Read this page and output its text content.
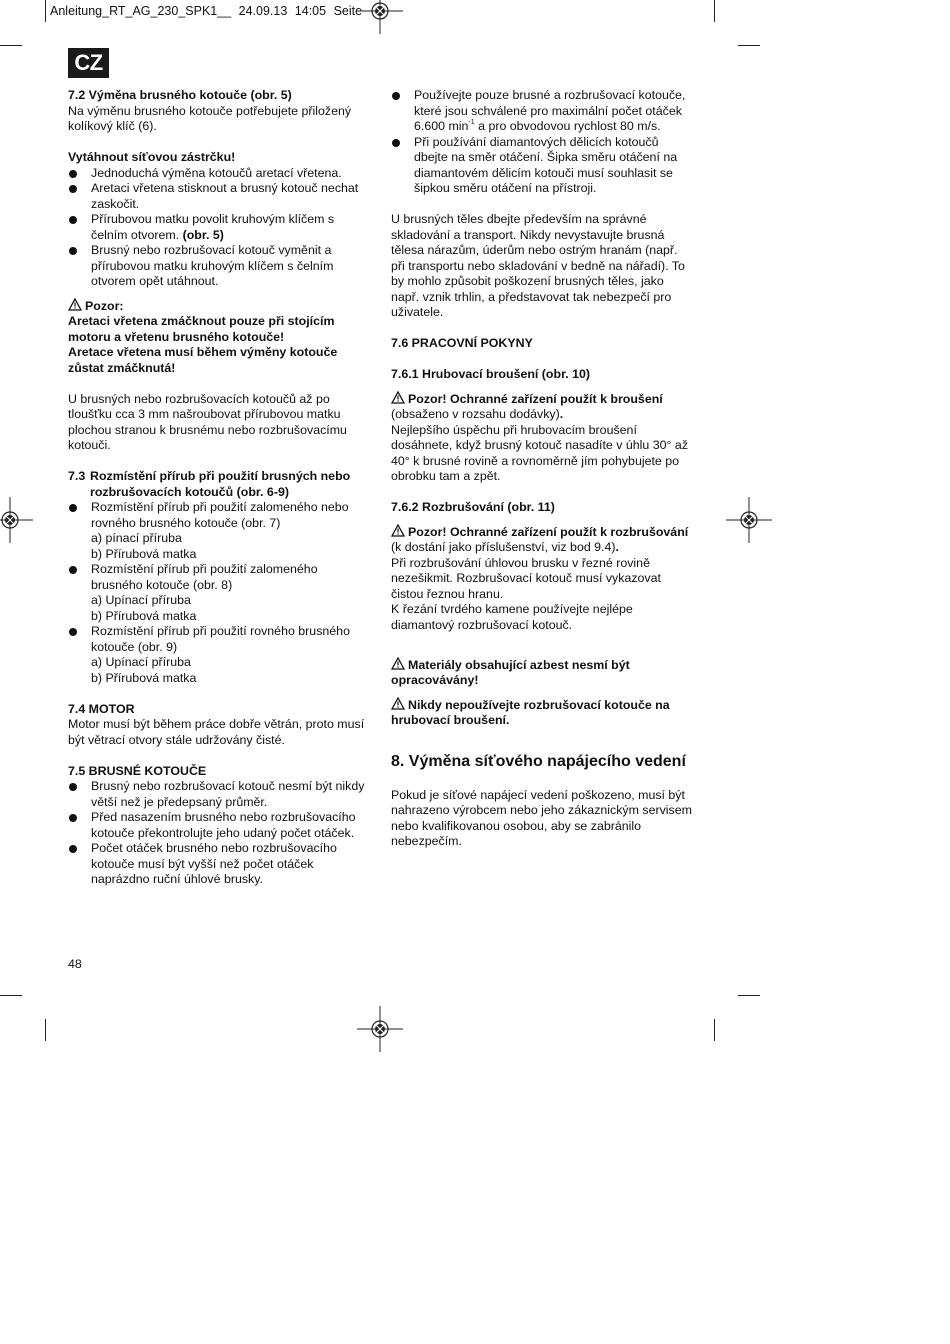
Anleitung_RT_AG_230_SPK1__ 24.09.13 14:05 Seite
CZ

7.2 Výměna brusného kotouče (obr. 5)

Na výměnu brusného kotouče potřebujete přiložený kolíkový klíč (6).

Vytáhnout síťovou zástrčku!

Jednoduchá výměna kotoučů aretací vřetena.

Aretaci vřetena stisknout a brusný kotouč nechat zaskočit.

Přírubovou matku povolit kruhovým klíčem s čelním otvorem. (obr. 5)

Brusný nebo rozbrušovací kotouč vyměnit a přírubovou matku kruhovým klíčem s čelním otvorem opět utáhnout.

Pozor:

Aretaci vřetena zmáčknout pouze při stojícím motoru a vřetenu brusného kotouče!

Aretace vřetena musí během výměny kotouče zůstat zmáčknutá!

U brusných nebo rozbrušovacích kotoučů až po tloušťku cca 3 mm našroubovat přírubovou matku plochou stranou k brusnému nebo rozbrušovacímu kotouči.

7.3 Rozmístění přírub při použití brusných nebo rozbrušovacích kotoučů (obr. 6-9)

Rozmístění přírub při použití zalomeného nebo rovného brusného kotouče (obr. 7)

a) pínací příruba

b) Přírubová matka

Rozmístění přírub při použití zalomeného brusného kotouče (obr. 8)

a) Upínací příruba

b) Přírubová matka

Rozmístění přírub při použití rovného brusného kotouče (obr. 9)

a) Upínací příruba

b) Přírubová matka

7.4 MOTOR

Motor musí být během práce dobře větrán, proto musí být větrací otvory stále udržovány čisté.

7.5 BRUSNÉ KOTOUČE

Brusný nebo rozbrušovací kotouč nesmí být nikdy větší než je předepsaný průměr.

Před nasazením brusného nebo rozbrušovacího kotouče překontrolujte jeho udaný počet otáček.

Počet otáček brusného nebo rozbrušovacího kotouče musí být vyšší než počet otáček naprázdno ruční úhlové brusky.

Používejte pouze brusné a rozbrušovací kotouče, které jsou schválené pro maximální počet otáček 6.600 $\min^{-1} a$ pro obvodovou rychlost 80 m/s.

Při používání diamantových dělicích kotoučů dbejte na směr otáčení. Šipka směru otáčení na diamantovém dělicím kotouči musí souhlasit se šipkou směru otáčení na přístroji.

U brusných těles dbejte především na správné skladování a transport. Nikdy nevystavujte brusná tělesa nárazům, úderům nebo ostrým hranám (např. při transportu nebo skladování v bedně na nářadí). To by mohlo způsobit poškození brusných těles, jako např. vznik trhlin, a představovat tak nebezpečí pro uživatele.

7.6 PRACOVNÍ POKYNY

7.6.1 Hrubovací broušení (obr. 10)

Pozor! Ochranné zařízení použít k broušení (obsaženo v rozsahu dodávky).

Nejlepšího úspěchu při hrubovacím broušení dosáhnete, když brusný kotouč nasadíte v úhlu 30° až 40° k brusné rovině a rovnoměrně jím pohybujete po obrobku tam a zpět.

7.6.2 Rozbrušování (obr. 11)

Pozor! Ochranné zařízení použít k rozbrušování (k dostání jako příslušenství, viz bod 9.4).

Při rozbrušování úhlovou brusku v řezné rovině nezešikmit. Rozbrušovací kotouč musí vykazovat čistou řeznou hranu.

K řezání tvrdého kamene používejte nejlépe diamantový rozbrušovací kotouč.

Materiály obsahující azbest nesmí být opracovávány!

Nikdy nepoužívejte rozbrušovací kotouče na hrubovací broušení.

8. Výměna síťového napájecího vedení

Pokud je síťové napájecí vedení poškozeno, musí být nahrazeno výrobcem nebo jeho zákaznickým servisem nebo kvalifikovanou osobou, aby se zabránilo nebezpečím.

48
